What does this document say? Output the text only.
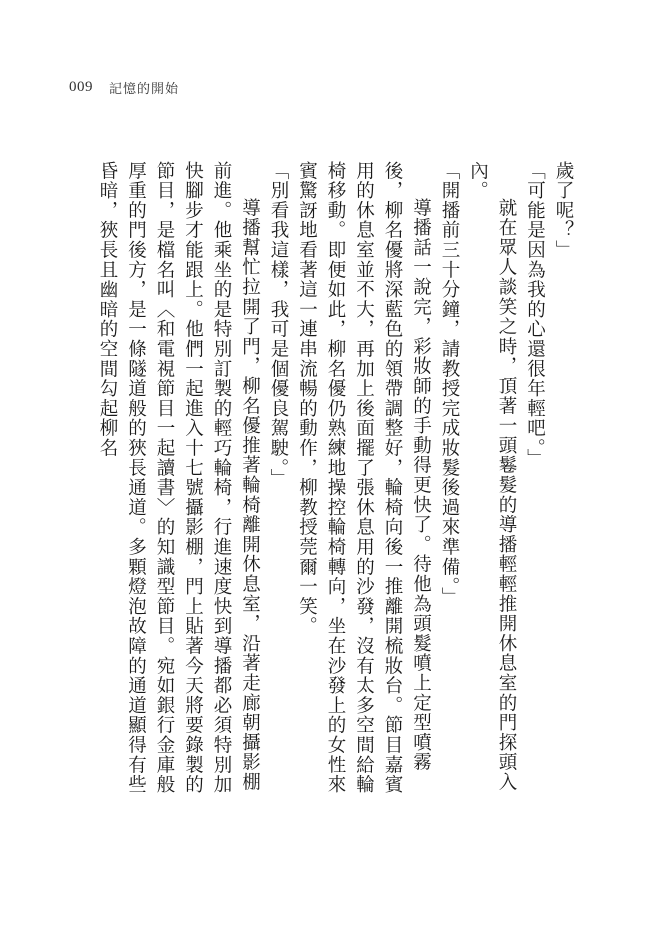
009 記憶的開始

歲了呢？」

「可能是因為我的心還很年輕吧。」

就在眾人談笑之時，頂著一頭鬈髮的導播輕輕推開休息室的門探頭入內。

「開播前三十分鐘，請教授完成妝髮後過來準備。」

導播話一說完，彩妝師的手動得更快了。待他為頭髮噴上定型噴霧後，柳名優將深藍色的領帶調整好，輪椅向後一推離開梳妝台。節目嘉賓用的休息室並不大，再加上後面擺了張休息用的沙發，沒有太多空間給輪椅移動。即便如此，柳名優仍熟練地操控輪椅轉向，坐在沙發上的女性來賓驚訝地看著這一連串流暢的動作，柳教授莞爾一笑。

「別看我這樣，我可是個優良駕駛。」

導播幫忙拉開了門，柳名優推著輪椅離開休息室，沿著走廊朝攝影棚前進。他乘坐的是特別訂製的輕巧輪椅，行進速度快到導播都必須特別加快腳步才能跟上。他們一起進入十七號攝影棚，門上貼著今天將要錄製的節目，是檔名叫〈和電視節目一起讀書〉的知識型節目。宛如銀行金庫般厚重的門後方，是一條隧道般的狹長通道。多顆燈泡故障的通道顯得有些昏暗，狹長且幽暗的空間勾起柳名
